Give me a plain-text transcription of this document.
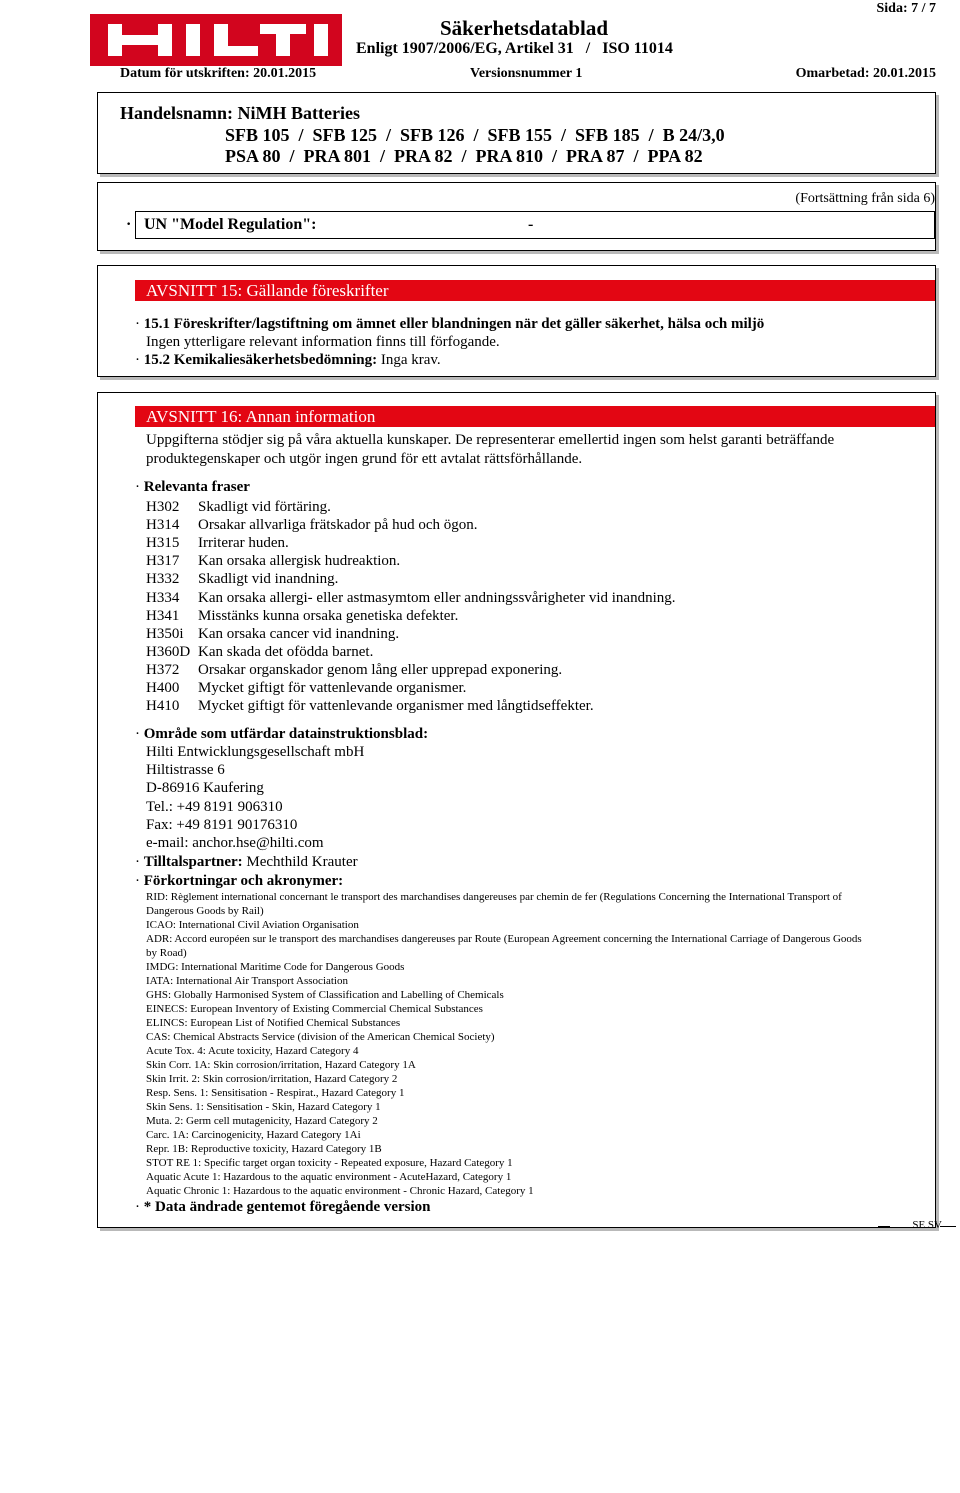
Säkerhetsdatablad
Enligt 1907/2006/EG, Artikel 31   /   ISO 11014
Sida: 7 / 7
Datum för utskriften: 20.01.2015	Versionsnummer 1	Omarbetad: 20.01.2015
Handelsnamn: NiMH Batteries
SFB 105  /  SFB 125  /  SFB 126  /  SFB 155  /  SFB 185  /  B 24/3,0
PSA 80  /  PRA 801  /  PRA 82  /  PRA 810  /  PRA 87  /  PPA 82
(Fortsättning från sida 6)
· UN "Model Regulation":	-
AVSNITT 15: Gällande föreskrifter
· 15.1 Föreskrifter/lagstiftning om ämnet eller blandningen när det gäller säkerhet, hälsa och miljö
Ingen ytterligare relevant information finns till förfogande.
· 15.2 Kemikaliesäkerhetsbedömning: Inga krav.
AVSNITT 16: Annan information
Uppgifterna stödjer sig på våra aktuella kunskaper. De representerar emellertid ingen som helst garanti beträffande
produktegenskaper och utgör ingen grund för ett avtalat rättsförhållande.
· Relevanta fraser
H302 Skadligt vid förtäring.
H314 Orsakar allvarliga frätskador på hud och ögon.
H315 Irriterar huden.
H317 Kan orsaka allergisk hudreaktion.
H332 Skadligt vid inandning.
H334 Kan orsaka allergi- eller astmasymtom eller andningssvårigheter vid inandning.
H341 Misstänks kunna orsaka genetiska defekter.
H350i Kan orsaka cancer vid inandning.
H360D Kan skada det ofödda barnet.
H372 Orsakar organskador genom lång eller upprepad exponering.
H400 Mycket giftigt för vattenlevande organismer.
H410 Mycket giftigt för vattenlevande organismer med långtidseffekter.
· Område som utfärdar datainstruktionsblad:
Hilti Entwicklungsgesellschaft mbH
Hiltistrasse 6
D-86916 Kaufering
Tel.: +49 8191 906310
Fax: +49 8191 90176310
e-mail: anchor.hse@hilti.com
· Tilltalspartner: Mechthild Krauter
· Förkortningar och akronymer:
RID: Règlement international concernant le transport des marchandises dangereuses par chemin de fer (Regulations Concerning the International Transport of
Dangerous Goods by Rail)
ICAO: International Civil Aviation Organisation
ADR: Accord européen sur le transport des marchandises dangereuses par Route (European Agreement concerning the International Carriage of Dangerous Goods
by Road)
IMDG: International Maritime Code for Dangerous Goods
IATA: International Air Transport Association
GHS: Globally Harmonised System of Classification and Labelling of Chemicals
EINECS: European Inventory of Existing Commercial Chemical Substances
ELINCS: European List of Notified Chemical Substances
CAS: Chemical Abstracts Service (division of the American Chemical Society)
Acute Tox. 4: Acute toxicity, Hazard Category 4
Skin Corr. 1A: Skin corrosion/irritation, Hazard Category 1A
Skin Irrit. 2: Skin corrosion/irritation, Hazard Category 2
Resp. Sens. 1: Sensitisation - Respirat., Hazard Category 1
Skin Sens. 1: Sensitisation - Skin, Hazard Category 1
Muta. 2: Germ cell mutagenicity, Hazard Category 2
Carc. 1A: Carcinogenicity, Hazard Category 1Ai
Repr. 1B: Reproductive toxicity, Hazard Category 1B
STOT RE 1: Specific target organ toxicity - Repeated exposure, Hazard Category 1
Aquatic Acute 1: Hazardous to the aquatic environment - AcuteHazard, Category 1
Aquatic Chronic 1: Hazardous to the aquatic environment - Chronic Hazard, Category 1
· * Data ändrade gentemot föregående version
SE SV
